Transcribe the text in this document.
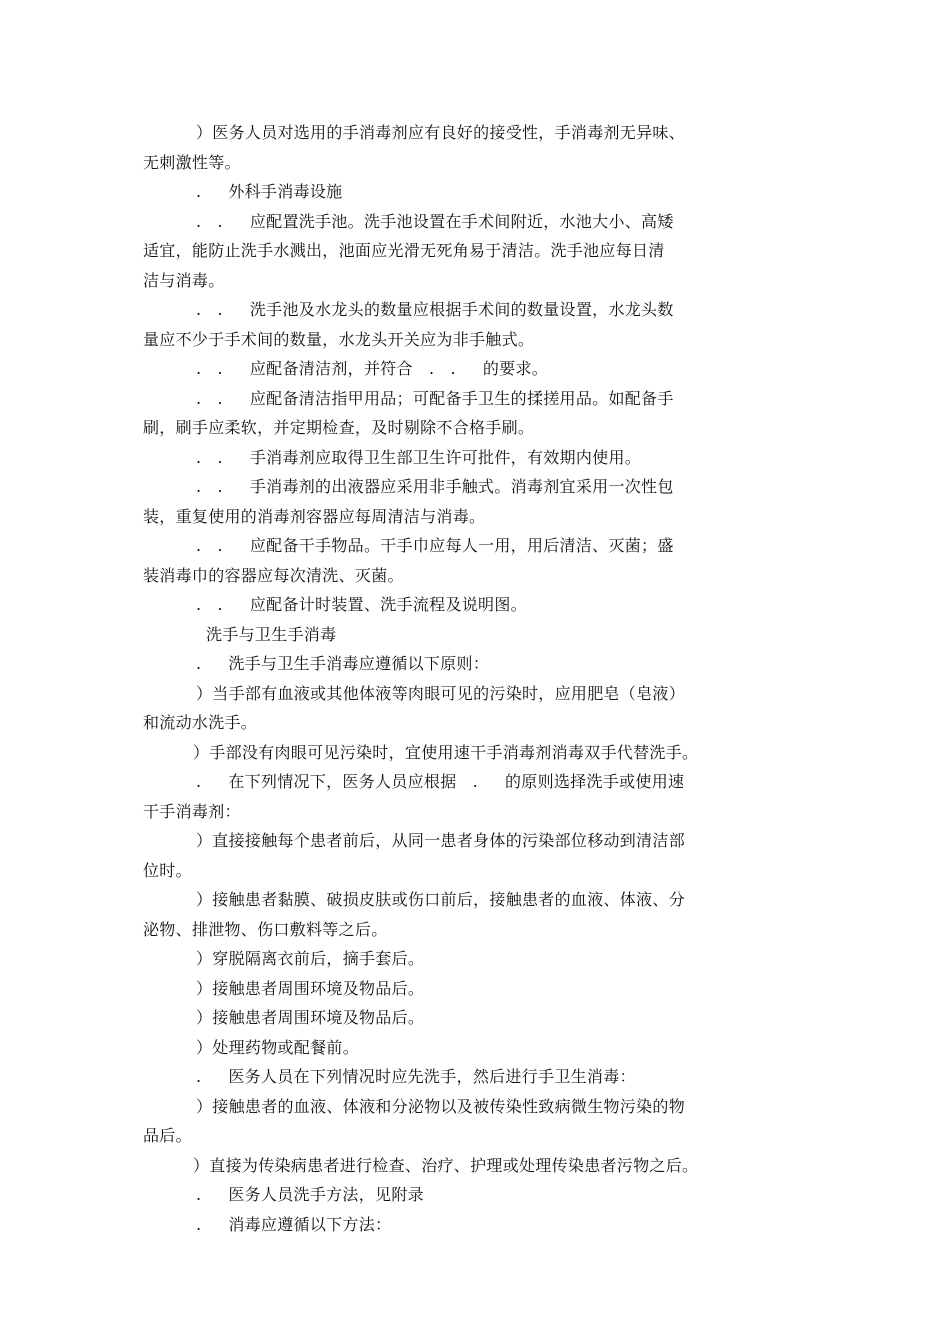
）医务人员对选用的手消毒剂应有良好的接受性，手消毒剂无异味、

无刺激性等。

.     外科手消毒设施

.   .     应配置洗手池。洗手池设置在手术间附近，水池大小、高矮

适宜，能防止洗手水溅出，池面应光滑无死角易于清洁。洗手池应每日清

洁与消毒。

.   .     洗手池及水龙头的数量应根据手术间的数量设置，水龙头数

量应不少于手术间的数量，水龙头开关应为非手触式。

.   .     应配备清洁剂，并符合   .   .     的要求。

.   .     应配备清洁指甲用品；可配备手卫生的揉搓用品。如配备手

刷，刷手应柔软，并定期检查，及时剔除不合格手刷。

.   .     手消毒剂应取得卫生部卫生许可批件，有效期内使用。

.   .     手消毒剂的出液器应采用非手触式。消毒剂宜采用一次性包

装，重复使用的消毒剂容器应每周清洁与消毒。

.   .     应配备干手物品。干手巾应每人一用，用后清洁、灭菌；盛

装消毒巾的容器应每次清洗、灭菌。

.   .     应配备计时装置、洗手流程及说明图。

洗手与卫生手消毒

.     洗手与卫生手消毒应遵循以下原则：

）当手部有血液或其他体液等肉眼可见的污染时，应用肥皂（皂液）

和流动水洗手。

）手部没有肉眼可见污染时，宜使用速干手消毒剂消毒双手代替洗手。

.     在下列情况下，医务人员应根据   .     的原则选择洗手或使用速

干手消毒剂：

）直接接触每个患者前后，从同一患者身体的污染部位移动到清洁部

位时。

）接触患者黏膜、破损皮肤或伤口前后，接触患者的血液、体液、分

泌物、排泄物、伤口敷料等之后。

）穿脱隔离衣前后，摘手套后。

）接触患者周围环境及物品后。

）接触患者周围环境及物品后。

）处理药物或配餐前。

.     医务人员在下列情况时应先洗手，然后进行手卫生消毒：

）接触患者的血液、体液和分泌物以及被传染性致病微生物污染的物

品后。

）直接为传染病患者进行检查、治疗、护理或处理传染患者污物之后。

.     医务人员洗手方法，见附录

.     消毒应遵循以下方法：
